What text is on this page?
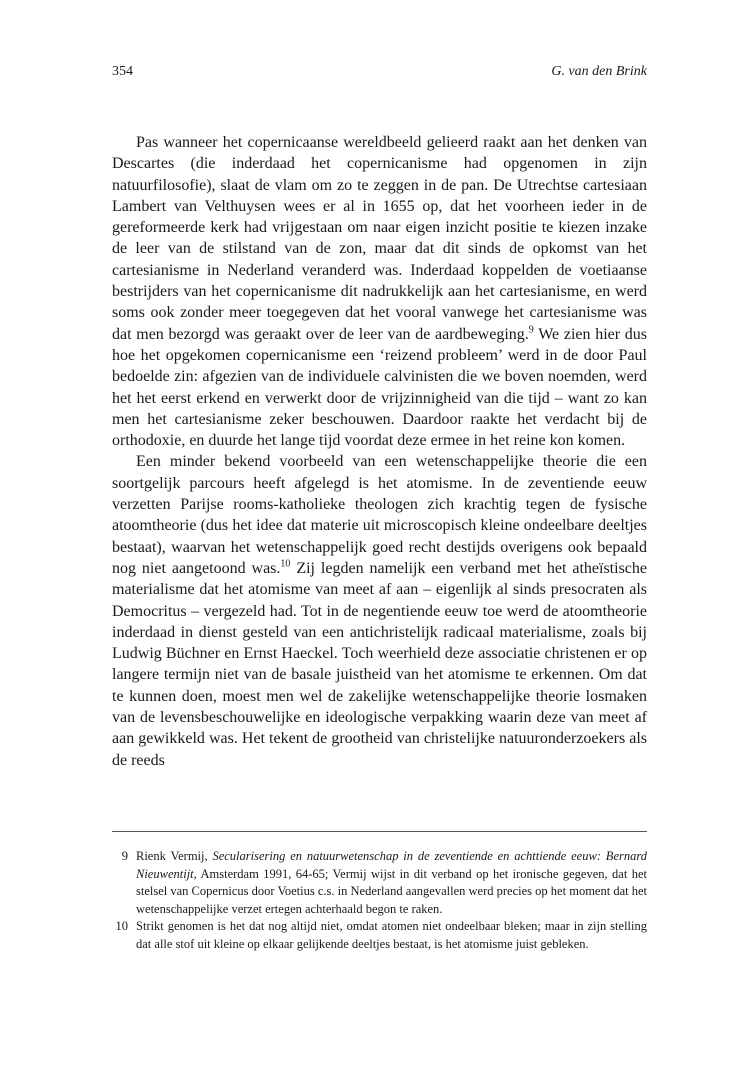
354	G. van den Brink

Pas wanneer het copernicaanse wereldbeeld gelieerd raakt aan het denken van Descartes (die inderdaad het copernicanisme had opgenomen in zijn natuurfilosofie), slaat de vlam om zo te zeggen in de pan. De Utrechtse cartesiaan Lambert van Velthuysen wees er al in 1655 op, dat het voorheen ieder in de gereformeerde kerk had vrijgestaan om naar eigen inzicht positie te kiezen inzake de leer van de stilstand van de zon, maar dat dit sinds de opkomst van het cartesianisme in Nederland veranderd was. Inderdaad koppelden de voetiaanse bestrijders van het copernicanisme dit nadrukkelijk aan het cartesianisme, en werd soms ook zonder meer toegegeven dat het vooral vanwege het cartesianisme was dat men bezorgd was geraakt over de leer van de aardbeweging.$^9$ We zien hier dus hoe het opgekomen copernicanisme een ‘reizend probleem’ werd in de door Paul bedoelde zin: afgezien van de individuele calvinisten die we boven noemden, werd het het eerst erkend en verwerkt door de vrijzinnigheid van die tijd – want zo kan men het cartesianisme zeker beschouwen. Daardoor raakte het verdacht bij de orthodoxie, en duurde het lange tijd voordat deze ermee in het reine kon komen.

Een minder bekend voorbeeld van een wetenschappelijke theorie die een soortgelijk parcours heeft afgelegd is het atomisme. In de zeventiende eeuw verzetten Parijse rooms-katholieke theologen zich krachtig tegen de fysische atoomtheorie (dus het idee dat materie uit microscopisch kleine ondeelbare deeltjes bestaat), waarvan het wetenschappelijk goed recht destijds overigens ook bepaald nog niet aangetoond was.$^{10}$ Zij legden namelijk een verband met het atheïstische materialisme dat het atomisme van meet af aan – eigenlijk al sinds presocraten als Democritus – vergezeld had. Tot in de negentiende eeuw toe werd de atoomtheorie inderdaad in dienst gesteld van een antichristelijk radicaal materialisme, zoals bij Ludwig Büchner en Ernst Haeckel. Toch weerhield deze associatie christenen er op langere termijn niet van de basale juistheid van het atomisme te erkennen. Om dat te kunnen doen, moest men wel de zakelijke wetenschappelijke theorie losmaken van de levensbeschouwelijke en ideologische verpakking waarin deze van meet af aan gewikkeld was. Het tekent de grootheid van christelijke natuuronderzoekers als de reeds

9 Rienk Vermij, Secularisering en natuurwetenschap in de zeventiende en achttiende eeuw: Bernard Nieuwentijt, Amsterdam 1991, 64-65; Vermij wijst in dit verband op het ironische gegeven, dat het stelsel van Copernicus door Voetius c.s. in Nederland aangevallen werd precies op het moment dat het wetenschappelijke verzet ertegen achterhaald begon te raken.
10 Strikt genomen is het dat nog altijd niet, omdat atomen niet ondeelbaar bleken; maar in zijn stelling dat alle stof uit kleine op elkaar gelijkende deeltjes bestaat, is het atomisme juist gebleken.
